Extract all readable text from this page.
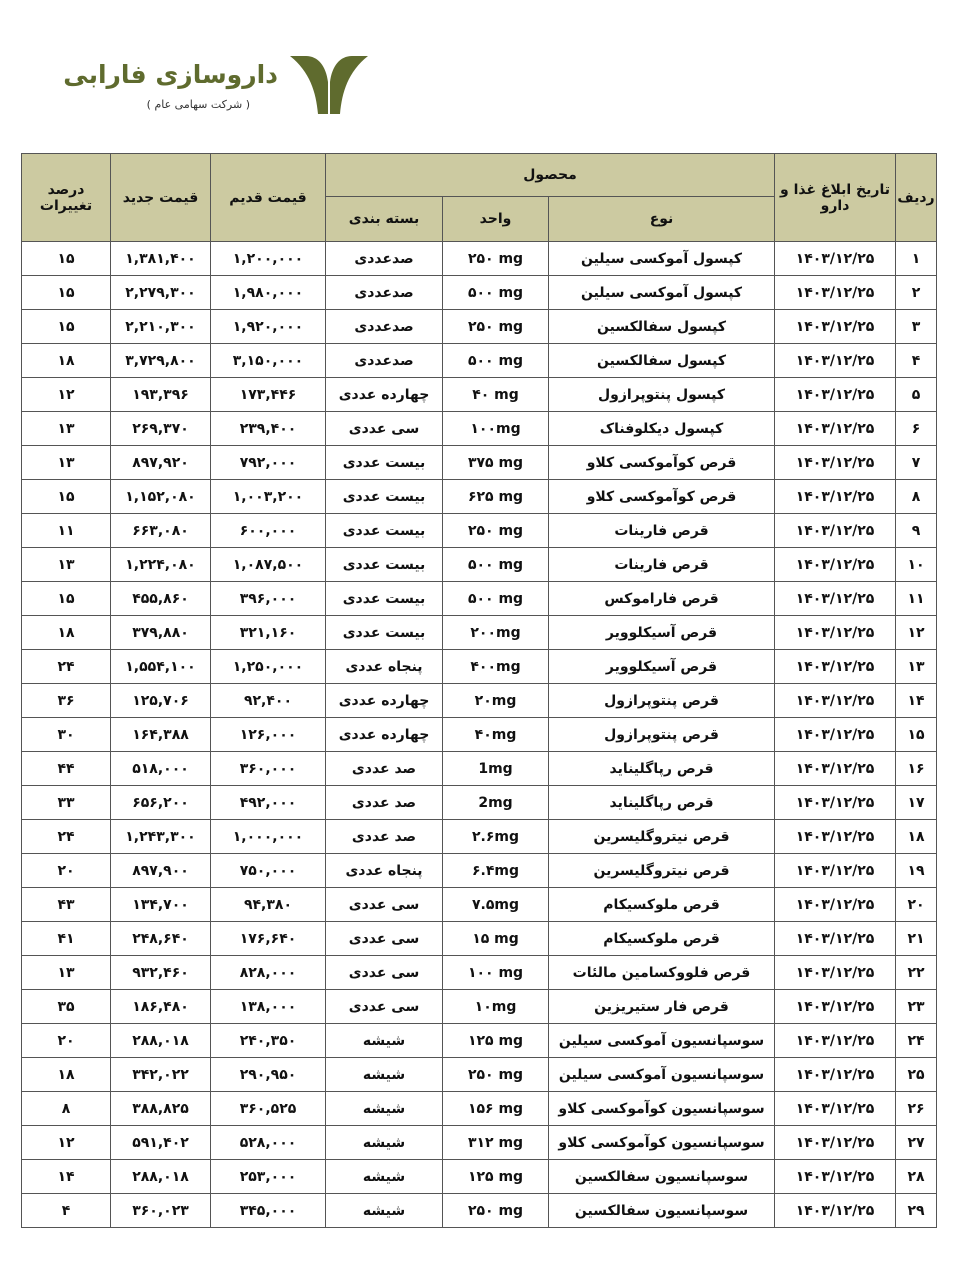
داروسازی فارابی
( شرکت سهامی عام )
ردیف	تاریخ ابلاغ غذا و دارو	محصول			قیمت قدیم	قیمت جدید	درصد تغییرات
		نوع	واحد	بسته بندی			
۱	۱۴۰۳/۱۲/۲۵	کپسول آموکسی سیلین	۲۵۰ mg	صدعددی	۱,۲۰۰,۰۰۰	۱,۳۸۱,۴۰۰	۱۵
۲	۱۴۰۳/۱۲/۲۵	کپسول آموکسی سیلین	۵۰۰ mg	صدعددی	۱,۹۸۰,۰۰۰	۲,۲۷۹,۳۰۰	۱۵
۳	۱۴۰۳/۱۲/۲۵	کپسول سفالکسین	۲۵۰ mg	صدعددی	۱,۹۲۰,۰۰۰	۲,۲۱۰,۳۰۰	۱۵
۴	۱۴۰۳/۱۲/۲۵	کپسول سفالکسین	۵۰۰ mg	صدعددی	۳,۱۵۰,۰۰۰	۳,۷۲۹,۸۰۰	۱۸
۵	۱۴۰۳/۱۲/۲۵	کپسول پنتوپرازول	۴۰ mg	چهارده عددی	۱۷۳,۴۴۶	۱۹۳,۳۹۶	۱۲
۶	۱۴۰۳/۱۲/۲۵	کپسول دیکلوفناک	۱۰۰mg	سی عددی	۲۳۹,۴۰۰	۲۶۹,۳۷۰	۱۳
۷	۱۴۰۳/۱۲/۲۵	قرص کوآموکسی کلاو	۳۷۵ mg	بیست عددی	۷۹۲,۰۰۰	۸۹۷,۹۲۰	۱۳
۸	۱۴۰۳/۱۲/۲۵	قرص کوآموکسی کلاو	۶۲۵ mg	بیست عددی	۱,۰۰۳,۲۰۰	۱,۱۵۲,۰۸۰	۱۵
۹	۱۴۰۳/۱۲/۲۵	قرص فارینات	۲۵۰ mg	بیست عددی	۶۰۰,۰۰۰	۶۶۳,۰۸۰	۱۱
۱۰	۱۴۰۳/۱۲/۲۵	قرص فارینات	۵۰۰ mg	بیست عددی	۱,۰۸۷,۵۰۰	۱,۲۲۴,۰۸۰	۱۳
۱۱	۱۴۰۳/۱۲/۲۵	قرص فاراموکس	۵۰۰ mg	بیست عددی	۳۹۶,۰۰۰	۴۵۵,۸۶۰	۱۵
۱۲	۱۴۰۳/۱۲/۲۵	قرص آسیکلوویر	۲۰۰mg	بیست عددی	۳۲۱,۱۶۰	۳۷۹,۸۸۰	۱۸
۱۳	۱۴۰۳/۱۲/۲۵	قرص آسیکلوویر	۴۰۰mg	پنجاه عددی	۱,۲۵۰,۰۰۰	۱,۵۵۴,۱۰۰	۲۴
۱۴	۱۴۰۳/۱۲/۲۵	قرص پنتوپرازول	۲۰mg	چهارده عددی	۹۲,۴۰۰	۱۲۵,۷۰۶	۳۶
۱۵	۱۴۰۳/۱۲/۲۵	قرص پنتوپرازول	۴۰mg	چهارده عددی	۱۲۶,۰۰۰	۱۶۴,۳۸۸	۳۰
۱۶	۱۴۰۳/۱۲/۲۵	قرص رپاگلیناید	1mg	صد عددی	۳۶۰,۰۰۰	۵۱۸,۰۰۰	۴۴
۱۷	۱۴۰۳/۱۲/۲۵	قرص رپاگلیناید	2mg	صد عددی	۴۹۲,۰۰۰	۶۵۶,۲۰۰	۳۳
۱۸	۱۴۰۳/۱۲/۲۵	قرص نیتروگلیسرین	۲.۶mg	صد عددی	۱,۰۰۰,۰۰۰	۱,۲۴۳,۳۰۰	۲۴
۱۹	۱۴۰۳/۱۲/۲۵	قرص نیتروگلیسرین	۶.۴mg	پنجاه عددی	۷۵۰,۰۰۰	۸۹۷,۹۰۰	۲۰
۲۰	۱۴۰۳/۱۲/۲۵	قرص ملوکسیکام	۷.۵mg	سی عددی	۹۴,۳۸۰	۱۳۴,۷۰۰	۴۳
۲۱	۱۴۰۳/۱۲/۲۵	قرص ملوکسیکام	۱۵ mg	سی عددی	۱۷۶,۶۴۰	۲۴۸,۶۴۰	۴۱
۲۲	۱۴۰۳/۱۲/۲۵	قرص فلووکسامین مالئات	۱۰۰ mg	سی عددی	۸۲۸,۰۰۰	۹۳۲,۴۶۰	۱۳
۲۳	۱۴۰۳/۱۲/۲۵	قرص فار ستیریزین	۱۰mg	سی عددی	۱۳۸,۰۰۰	۱۸۶,۴۸۰	۳۵
۲۴	۱۴۰۳/۱۲/۲۵	سوسپانسیون آموکسی سیلین	۱۲۵ mg	شیشه	۲۴۰,۳۵۰	۲۸۸,۰۱۸	۲۰
۲۵	۱۴۰۳/۱۲/۲۵	سوسپانسیون آموکسی سیلین	۲۵۰ mg	شیشه	۲۹۰,۹۵۰	۳۴۲,۰۲۲	۱۸
۲۶	۱۴۰۳/۱۲/۲۵	سوسپانسیون کوآموکسی کلاو	۱۵۶ mg	شیشه	۳۶۰,۵۲۵	۳۸۸,۸۲۵	۸
۲۷	۱۴۰۳/۱۲/۲۵	سوسپانسیون کوآموکسی کلاو	۳۱۲ mg	شیشه	۵۲۸,۰۰۰	۵۹۱,۴۰۲	۱۲
۲۸	۱۴۰۳/۱۲/۲۵	سوسپانسیون سفالکسین	۱۲۵ mg	شیشه	۲۵۳,۰۰۰	۲۸۸,۰۱۸	۱۴
۲۹	۱۴۰۳/۱۲/۲۵	سوسپانسیون سفالکسین	۲۵۰ mg	شیشه	۳۴۵,۰۰۰	۳۶۰,۰۲۳	۴
